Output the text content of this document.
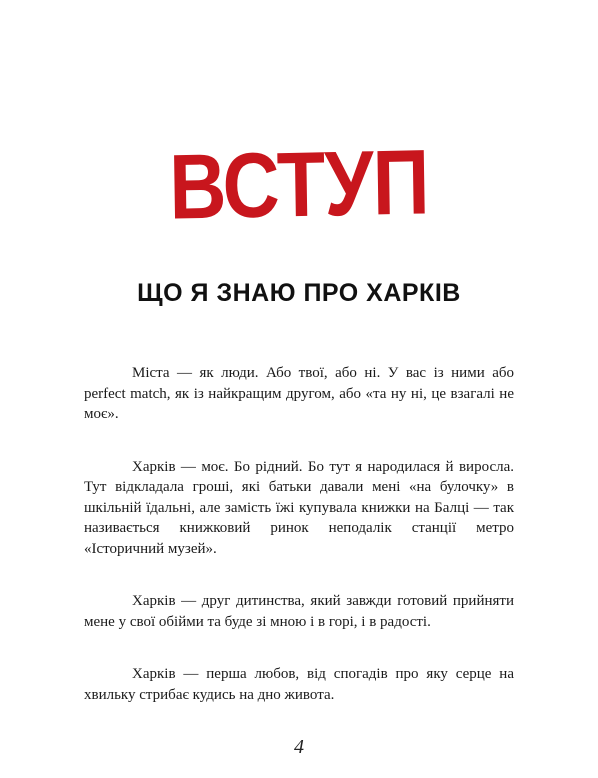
ВСТУП
ЩО Я ЗНАЮ ПРО ХАРКІВ

Міста — як люди. Або твої, або ні. У вас із ними або perfect match, як із найкращим другом, або «та ну ні, це взагалі не моє».

Харків — моє. Бо рідний. Бо тут я народилася й виросла. Тут відкладала гроші, які батьки давали мені «на булочку» в шкільній їдальні, але замість їжі купувала книжки на Балці — так називається книжковий ринок неподалік станції метро «Історичний музей».

Харків — друг дитинства, який завжди готовий прийняти мене у свої обійми та буде зі мною і в горі, і в радості.

Харків — перша любов, від спогадів про яку серце на хвильку стрибає кудись на дно живота.

4
